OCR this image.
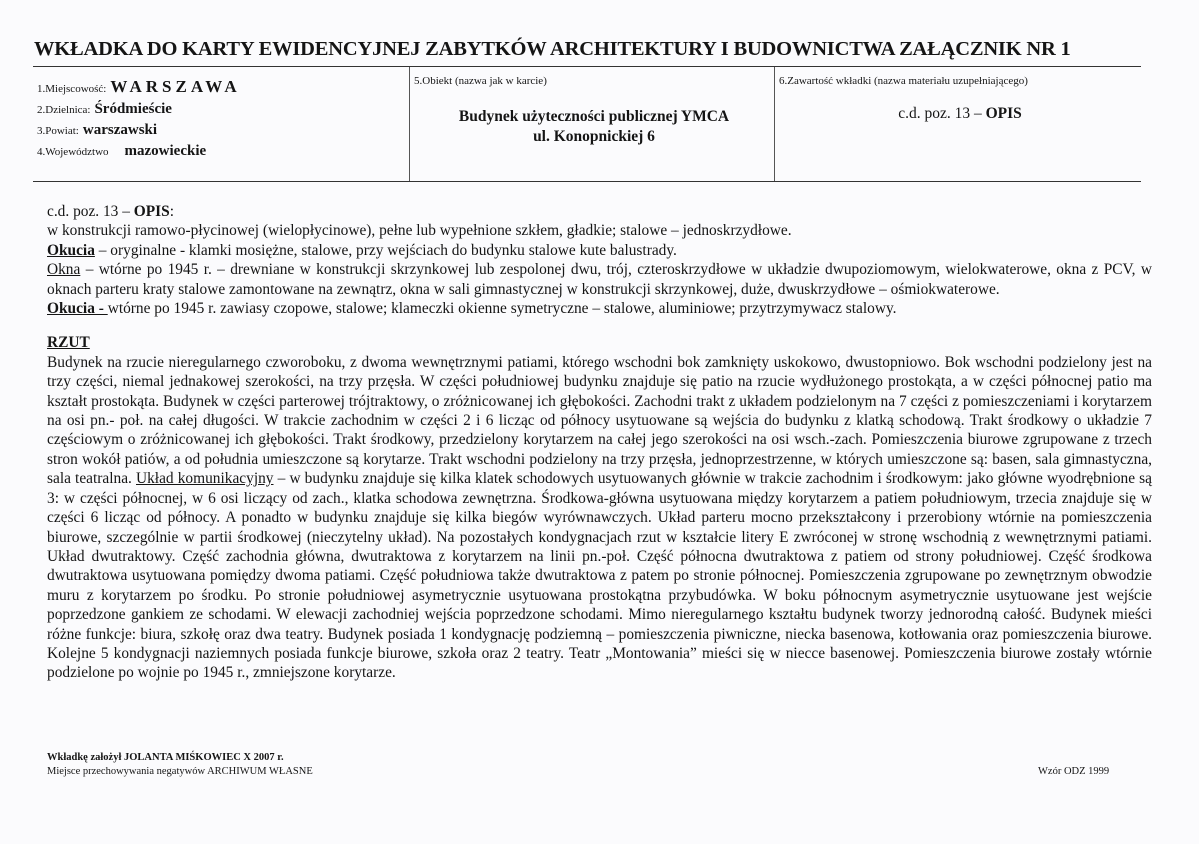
WKŁADKA DO KARTY EWIDENCYJNEJ ZABYTKÓW ARCHITEKTURY I BUDOWNICTWA ZAŁĄCZNIK NR 1
1.Miejscowość: WARSZAWA
2.Dzielnica: Śródmieście
3.Powiat: warszawski
4.Województwo mazowieckie
5.Obiekt (nazwa jak w karcie)
Budynek użyteczności publicznej YMCA
ul. Konopnickiej 6
6.Zawartość wkładki (nazwa materiału uzupełniającego)
c.d. poz. 13 – OPIS

c.d. poz. 13 – OPIS:

w konstrukcji ramowo-płycinowej (wielopłycinowe), pełne lub wypełnione szkłem, gładkie; stalowe – jednoskrzydłowe.

Okucia – oryginalne - klamki mosiężne, stalowe, przy wejściach do budynku stalowe kute balustrady.

Okna – wtórne po 1945 r. – drewniane w konstrukcji skrzynkowej lub zespolonej dwu, trój, czteroskrzydłowe w układzie dwupoziomowym, wielokwaterowe, okna z PCV, w oknach parteru kraty stalowe zamontowane na zewnątrz, okna w sali gimnastycznej w konstrukcji skrzynkowej, duże, dwuskrzydłowe – ośmiokwaterowe.

Okucia - wtórne po 1945 r. zawiasy czopowe, stalowe; klameczki okienne symetryczne – stalowe, aluminiowe; przytrzymywacz stalowy.

RZUT

Budynek na rzucie nieregularnego czworoboku, z dwoma wewnętrznymi patiami, którego wschodni bok zamknięty uskokowo, dwustopniowo. Bok wschodni podzielony jest na trzy części, niemal jednakowej szerokości, na trzy przęsła. W części południowej budynku znajduje się patio na rzucie wydłużonego prostokąta, a w części północnej patio ma kształt prostokąta. Budynek w części parterowej trójtraktowy, o zróżnicowanej ich głębokości. Zachodni trakt z układem podzielonym na 7 części z pomieszczeniami i korytarzem na osi pn.- poł. na całej długości. W trakcie zachodnim w części 2 i 6 licząc od północy usytuowane są wejścia do budynku z klatką schodową. Trakt środkowy o układzie 7 częściowym o zróżnicowanej ich głębokości. Trakt środkowy, przedzielony korytarzem na całej jego szerokości na osi wsch.-zach. Pomieszczenia biurowe zgrupowane z trzech stron wokół patiów, a od południa umieszczone są korytarze. Trakt wschodni podzielony na trzy przęsła, jednoprzestrzenne, w których umieszczone są: basen, sala gimnastyczna, sala teatralna. Układ komunikacyjny – w budynku znajduje się kilka klatek schodowych usytuowanych głównie w trakcie zachodnim i środkowym: jako główne wyodrębnione są 3: w części północnej, w 6 osi liczący od zach., klatka schodowa zewnętrzna. Środkowa-główna usytuowana między korytarzem a patiem południowym, trzecia znajduje się w części 6 licząc od północy. A ponadto w budynku znajduje się kilka biegów wyrównawczych. Układ parteru mocno przekształcony i przerobiony wtórnie na pomieszczenia biurowe, szczególnie w partii środkowej (nieczytelny układ). Na pozostałych kondygnacjach rzut w kształcie litery E zwróconej w stronę wschodnią z wewnętrznymi patiami. Układ dwutraktowy. Część zachodnia główna, dwutraktowa z korytarzem na linii pn.-poł. Część północna dwutraktowa z patiem od strony południowej. Część środkowa dwutraktowa usytuowana pomiędzy dwoma patiami. Część południowa także dwutraktowa z patem po stronie północnej. Pomieszczenia zgrupowane po zewnętrznym obwodzie muru z korytarzem po środku. Po stronie południowej asymetrycznie usytuowana prostokątna przybudówka. W boku północnym asymetrycznie usytuowane jest wejście poprzedzone gankiem ze schodami. W elewacji zachodniej wejścia poprzedzone schodami. Mimo nieregularnego kształtu budynek tworzy jednorodną całość. Budynek mieści różne funkcje: biura, szkołę oraz dwa teatry. Budynek posiada 1 kondygnację podziemną – pomieszczenia piwniczne, niecka basenowa, kotłowania oraz pomieszczenia biurowe. Kolejne 5 kondygnacji naziemnych posiada funkcje biurowe, szkoła oraz 2 teatry. Teatr „Montowania” mieści się w niecce basenowej. Pomieszczenia biurowe zostały wtórnie podzielone po wojnie po 1945 r., zmniejszone korytarze.

Wkładkę założył JOLANTA MIŚKOWIEC X 2007 r.
Miejsce przechowywania negatywów ARCHIWUM WŁASNE	Wzór ODZ 1999
